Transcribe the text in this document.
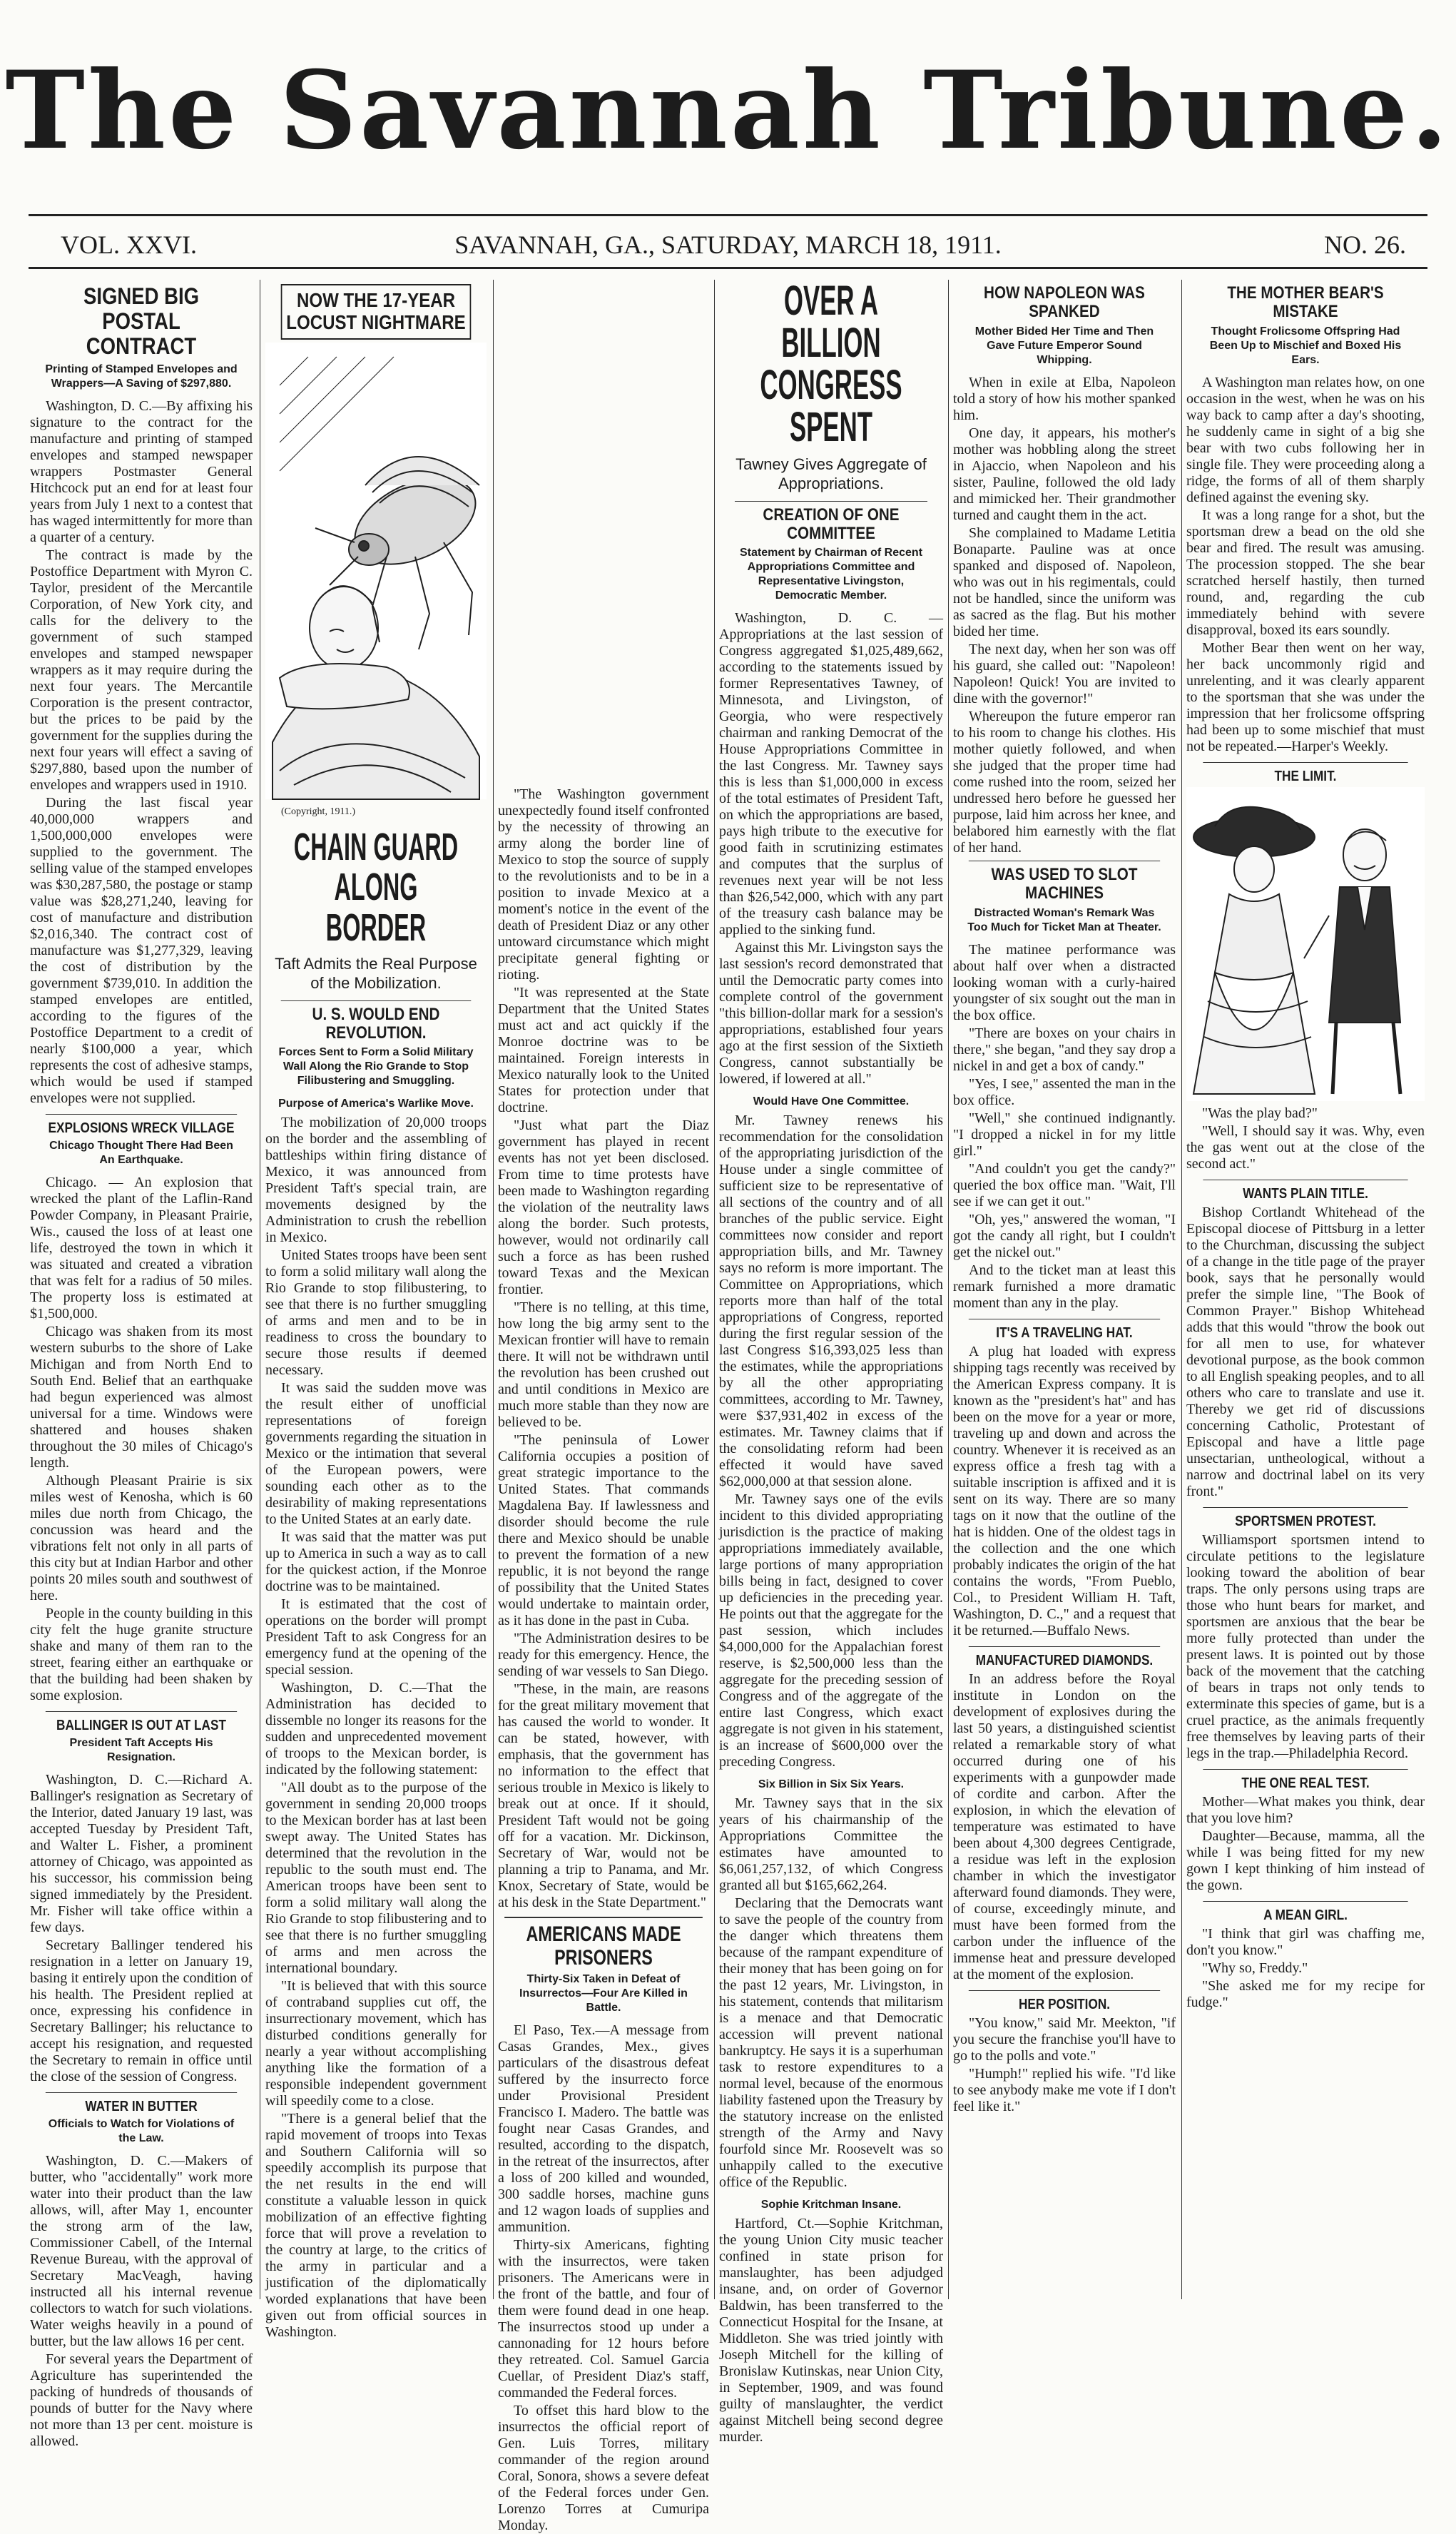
The Savannah Tribune.
SAVANNAH, GA., SATURDAY, MARCH 18, 1911.
VOL. XXVI.	NO. 26.
SIGNED BIG POSTAL CONTRACT
Printing of Stamped Envelopes and Wrappers—A Saving of $297,880.

Washington, D. C.—By affixing his signature to the contract for the manufacture and printing of stamped envelopes and stamped newspaper wrappers Postmaster General Hitchcock put an end for at least four years from July 1 next to a contest that has waged intermittently for more than a quarter of a century.

The contract is made by the Postoffice Department with Myron C. Taylor, president of the Mercantile Corporation, of New York city, and calls for the delivery to the government of such stamped envelopes and stamped newspaper wrappers as it may require during the next four years. The Mercantile Corporation is the present contractor, but the prices to be paid by the government for the supplies during the next four years will effect a saving of $297,880, based upon the number of envelopes and wrappers used in 1910.

During the last fiscal year 40,000,000 wrappers and 1,500,000,000 envelopes were supplied to the government. The selling value of the stamped envelopes was $30,287,580, the postage or stamp value was $28,271,240, leaving for cost of manufacture and distribution $2,016,340. The contract cost of manufacture was $1,277,329, leaving the cost of distribution by the government $739,010. In addition the stamped envelopes are entitled, according to the figures of the Postoffice Department to a credit of nearly $100,000 a year, which represents the cost of adhesive stamps, which would be used if stamped envelopes were not supplied.

EXPLOSIONS WRECK VILLAGE
Chicago Thought There Had Been An Earthquake.

Chicago. — An explosion that wrecked the plant of the Laflin-Rand Powder Company, in Pleasant Prairie, Wis., caused the loss of at least one life, destroyed the town in which it was situated and created a vibration that was felt for a radius of 50 miles. The property loss is estimated at $1,500,000.

Chicago was shaken from its most western suburbs to the shore of Lake Michigan and from North End to South End. Belief that an earthquake had begun experienced was almost universal for a time. Windows were shattered and houses shaken throughout the 30 miles of Chicago's length.

Although Pleasant Prairie is six miles west of Kenosha, which is 60 miles due north from Chicago, the concussion was heard and the vibrations felt not only in all parts of this city but at Indian Harbor and other points 20 miles south and southwest of here.

People in the county building in this city felt the huge granite structure shake and many of them ran to the street, fearing either an earthquake or that the building had been shaken by some explosion.

BALLINGER IS OUT AT LAST
President Taft Accepts His Resignation.

Washington, D. C.—Richard A. Ballinger's resignation as Secretary of the Interior, dated January 19 last, was accepted Tuesday by President Taft, and Walter L. Fisher, a prominent attorney of Chicago, was appointed as his successor, his commission being signed immediately by the President. Mr. Fisher will take office within a few days.

Secretary Ballinger tendered his resignation in a letter on January 19, basing it entirely upon the condition of his health. The President replied at once, expressing his confidence in Secretary Ballinger; his reluctance to accept his resignation, and requested the Secretary to remain in office until the close of the session of Congress.

WATER IN BUTTER
Officials to Watch for Violations of the Law.

Washington, D. C.—Makers of butter, who "accidentally" work more water into their product than the law allows, will, after May 1, encounter the strong arm of the law, Commissioner Cabell, of the Internal Revenue Bureau, with the approval of Secretary MacVeagh, having instructed all his internal revenue collectors to watch for such violations. Water weighs heavily in a pound of butter, but the law allows 16 per cent.

For several years the Department of Agriculture has superintended the packing of hundreds of thousands of pounds of butter for the Navy where not more than 13 per cent. moisture is allowed.

NOW THE 17-YEAR LOCUST NIGHTMARE

(Copyright, 1911.)

CHAIN GUARD ALONG BORDER
Taft Admits the Real Purpose of the Mobilization.
U. S. WOULD END REVOLUTION.
Forces Sent to Form a Solid Military Wall Along the Rio Grande to Stop Filibustering and Smuggling.
Purpose of America's Warlike Move.

The mobilization of 20,000 troops on the border and the assembling of battleships within firing distance of Mexico, it was announced from President Taft's special train, are movements designed by the Administration to crush the rebellion in Mexico.

United States troops have been sent to form a solid military wall along the Rio Grande to stop filibustering, to see that there is no further smuggling of arms and men and to be in readiness to cross the boundary to secure those results if deemed necessary.

It was said the sudden move was the result either of unofficial representations of foreign governments regarding the situation in Mexico or the intimation that several of the European powers, were sounding each other as to the desirability of making representations to the United States at an early date.

It was said that the matter was put up to America in such a way as to call for the quickest action, if the Monroe doctrine was to be maintained.

It is estimated that the cost of operations on the border will prompt President Taft to ask Congress for an emergency fund at the opening of the special session.

Washington, D. C.—That the Administration has decided to dissemble no longer its reasons for the sudden and unprecedented movement of troops to the Mexican border, is indicated by the following statement:

"All doubt as to the purpose of the government in sending 20,000 troops to the Mexican border has at last been swept away. The United States has determined that the revolution in the republic to the south must end. The American troops have been sent to form a solid military wall along the Rio Grande to stop filibustering and to see that there is no further smuggling of arms and men across the international boundary.

"It is believed that with this source of contraband supplies cut off, the insurrectionary movement, which has disturbed conditions generally for nearly a year without accomplishing anything like the formation of a responsible independent government will speedily come to a close.

"There is a general belief that the rapid movement of troops into Texas and Southern California will so speedily accomplish its purpose that the net results in the end will constitute a valuable lesson in quick mobilization of an effective fighting force that will prove a revelation to the country at large, to the critics of the army in particular and a justification of the diplomatically worded explanations that have been given out from official sources in Washington.

"The Washington government unexpectedly found itself confronted by the necessity of throwing an army along the border line of Mexico to stop the source of supply to the revolutionists and to be in a position to invade Mexico at a moment's notice in the event of the death of President Diaz or any other untoward circumstance which might precipitate general fighting or rioting.

"It was represented at the State Department that the United States must act and act quickly if the Monroe doctrine was to be maintained. Foreign interests in Mexico naturally look to the United States for protection under that doctrine.

"Just what part the Diaz government has played in recent events has not yet been disclosed. From time to time protests have been made to Washington regarding the violation of the neutrality laws along the border. Such protests, however, would not ordinarily call such a force as has been rushed toward Texas and the Mexican frontier.

"There is no telling, at this time, how long the big army sent to the Mexican frontier will have to remain there. It will not be withdrawn until the revolution has been crushed out and until conditions in Mexico are much more stable than they now are believed to be.

"The peninsula of Lower California occupies a position of great strategic importance to the United States. That commands Magdalena Bay. If lawlessness and disorder should become the rule there and Mexico should be unable to prevent the formation of a new republic, it is not beyond the range of possibility that the United States would undertake to maintain order, as it has done in the past in Cuba.

"The Administration desires to be ready for this emergency. Hence, the sending of war vessels to San Diego.

"These, in the main, are reasons for the great military movement that has caused the world to wonder. It can be stated, however, with emphasis, that the government has no information to the effect that serious trouble in Mexico is likely to break out at once. If it should, President Taft would not be going off for a vacation. Mr. Dickinson, Secretary of War, would not be planning a trip to Panama, and Mr. Knox, Secretary of State, would be at his desk in the State Department."

AMERICANS MADE PRISONERS
Thirty-Six Taken in Defeat of Insurrectos—Four Are Killed in Battle.

El Paso, Tex.—A message from Casas Grandes, Mex., gives particulars of the disastrous defeat suffered by the insurrecto force under Provisional President Francisco I. Madero. The battle was fought near Casas Grandes, and resulted, according to the dispatch, in the retreat of the insurrectos, after a loss of 200 killed and wounded, 300 saddle horses, machine guns and 12 wagon loads of supplies and ammunition.

Thirty-six Americans, fighting with the insurrectos, were taken prisoners. The Americans were in the front of the battle, and four of them were found dead in one heap. The insurrectos stood up under a cannonading for 12 hours before they retreated. Col. Samuel Garcia Cuellar, of President Diaz's staff, commanded the Federal forces.

To offset this hard blow to the insurrectos the official report of Gen. Luis Torres, military commander of the region around Coral, Sonora, shows a severe defeat of the Federal forces under Gen. Lorenzo Torres at Cumuripa Monday.

OVER A BILLION CONGRESS SPENT
Tawney Gives Aggregate of Appropriations.
CREATION OF ONE COMMITTEE
Statement by Chairman of Recent Appropriations Committee and Representative Livingston, Democratic Member.

Washington, D. C. — Appropriations at the last session of Congress aggregated $1,025,489,662, according to the statements issued by former Representatives Tawney, of Minnesota, and Livingston, of Georgia, who were respectively chairman and ranking Democrat of the House Appropriations Committee in the last Congress. Mr. Tawney says this is less than $1,000,000 in excess of the total estimates of President Taft, on which the appropriations are based, pays high tribute to the executive for good faith in scrutinizing estimates and computes that the surplus of revenues next year will be not less than $26,542,000, which with any part of the treasury cash balance may be applied to the sinking fund.

Against this Mr. Livingston says the last session's record demonstrated that until the Democratic party comes into complete control of the government "this billion-dollar mark for a session's appropriations, established four years ago at the first session of the Sixtieth Congress, cannot substantially be lowered, if lowered at all."

Would Have One Committee.

Mr. Tawney renews his recommendation for the consolidation of the appropriating jurisdiction of the House under a single committee of sufficient size to be representative of all sections of the country and of all branches of the public service. Eight committees now consider and report appropriation bills, and Mr. Tawney says no reform is more important. The Committee on Appropriations, which reports more than half of the total appropriations of Congress, reported during the first regular session of the last Congress $16,393,025 less than the estimates, while the appropriations by all the other appropriating committees, according to Mr. Tawney, were $37,931,402 in excess of the estimates. Mr. Tawney claims that if the consolidating reform had been effected it would have saved $62,000,000 at that session alone.

Mr. Tawney says one of the evils incident to this divided appropriating jurisdiction is the practice of making appropriations immediately available, large portions of many appropriation bills being in fact, designed to cover up deficiencies in the preceding year. He points out that the aggregate for the past session, which includes $4,000,000 for the Appalachian forest reserve, is $2,500,000 less than the aggregate for the preceding session of Congress and of the aggregate of the entire last Congress, which exact aggregate is not given in his statement, is an increase of $600,000 over the preceding Congress.

Six Billion in Six Six Years.

Mr. Tawney says that in the six years of his chairmanship of the Appropriations Committee the estimates have amounted to $6,061,257,132, of which Congress granted all but $165,662,264.

Declaring that the Democrats want to save the people of the country from the danger which threatens them because of the rampant expenditure of their money that has been going on for the past 12 years, Mr. Livingston, in his statement, contends that militarism is a menace and that Democratic accession will prevent national bankruptcy. He says it is a superhuman task to restore expenditures to a normal level, because of the enormous liability fastened upon the Treasury by the statutory increase on the enlisted strength of the Army and Navy fourfold since Mr. Roosevelt was so unhappily called to the executive office of the Republic.

Sophie Kritchman Insane.

Hartford, Ct.—Sophie Kritchman, the young Union City music teacher confined in state prison for manslaughter, has been adjudged insane, and, on order of Governor Baldwin, has been transferred to the Connecticut Hospital for the Insane, at Middleton. She was tried jointly with Joseph Mitchell for the killing of Bronislaw Kutinskas, near Union City, in September, 1909, and was found guilty of manslaughter, the verdict against Mitchell being second degree murder.

HOW NAPOLEON WAS SPANKED
Mother Bided Her Time and Then Gave Future Emperor Sound Whipping.

When in exile at Elba, Napoleon told a story of how his mother spanked him.

One day, it appears, his mother's mother was hobbling along the street in Ajaccio, when Napoleon and his sister, Pauline, followed the old lady and mimicked her. Their grandmother turned and caught them in the act.

She complained to Madame Letitia Bonaparte. Pauline was at once spanked and disposed of. Napoleon, who was out in his regimentals, could not be handled, since the uniform was as sacred as the flag. But his mother bided her time.

The next day, when her son was off his guard, she called out: "Napoleon! Napoleon! Quick! You are invited to dine with the governor!"

Whereupon the future emperor ran to his room to change his clothes. His mother quietly followed, and when she judged that the proper time had come rushed into the room, seized her undressed hero before he guessed her purpose, laid him across her knee, and belabored him earnestly with the flat of her hand.

WAS USED TO SLOT MACHINES
Distracted Woman's Remark Was Too Much for Ticket Man at Theater.

The matinee performance was about half over when a distracted looking woman with a curly-haired youngster of six sought out the man in the box office.

"There are boxes on your chairs in there," she began, "and they say drop a nickel in and get a box of candy."

"Yes, I see," assented the man in the box office.

"Well," she continued indignantly. "I dropped a nickel in for my little girl."

"And couldn't you get the candy?" queried the box office man. "Wait, I'll see if we can get it out."

"Oh, yes," answered the woman, "I got the candy all right, but I couldn't get the nickel out."

And to the ticket man at least this remark furnished a more dramatic moment than any in the play.

IT'S A TRAVELING HAT.

A plug hat loaded with express shipping tags recently was received by the American Express company. It is known as the "president's hat" and has been on the move for a year or more, traveling up and down and across the country. Whenever it is received as an express office a fresh tag with a suitable inscription is affixed and it is sent on its way. There are so many tags on it now that the outline of the hat is hidden. One of the oldest tags in the collection and the one which probably indicates the origin of the hat contains the words, "From Pueblo, Col., to President William H. Taft, Washington, D. C.," and a request that it be returned.—Buffalo News.

MANUFACTURED DIAMONDS.

In an address before the Royal institute in London on the development of explosives during the last 50 years, a distinguished scientist related a remarkable story of what occurred during one of his experiments with a gunpowder made of cordite and carbon. After the explosion, in which the elevation of temperature was estimated to have been about 4,300 degrees Centigrade, a residue was left in the explosion chamber in which the investigator afterward found diamonds. They were, of course, exceedingly minute, and must have been formed from the carbon under the influence of the immense heat and pressure developed at the moment of the explosion.

HER POSITION.

"You know," said Mr. Meekton, "if you secure the franchise you'll have to go to the polls and vote."

"Humph!" replied his wife. "I'd like to see anybody make me vote if I don't feel like it."

THE MOTHER BEAR'S MISTAKE
Thought Frolicsome Offspring Had Been Up to Mischief and Boxed His Ears.

A Washington man relates how, on one occasion in the west, when he was on his way back to camp after a day's shooting, he suddenly came in sight of a big she bear with two cubs following her in single file. They were proceeding along a ridge, the forms of all of them sharply defined against the evening sky.

It was a long range for a shot, but the sportsman drew a bead on the old she bear and fired. The result was amusing. The procession stopped. The she bear scratched herself hastily, then turned round, and, regarding the cub immediately behind with severe disapproval, boxed its ears soundly.

Mother Bear then went on her way, her back uncommonly rigid and unrelenting, and it was clearly apparent to the sportsman that she was under the impression that her frolicsome offspring had been up to some mischief that must not be repeated.—Harper's Weekly.

THE LIMIT.

"Was the play bad?"

"Well, I should say it was. Why, even the gas went out at the close of the second act."

WANTS PLAIN TITLE.

Bishop Cortlandt Whitehead of the Episcopal diocese of Pittsburg in a letter to the Churchman, discussing the subject of a change in the title page of the prayer book, says that he personally would prefer the simple line, "The Book of Common Prayer." Bishop Whitehead adds that this would "throw the book out for all men to use, for whatever devotional purpose, as the book common to all English speaking peoples, and to all others who care to translate and use it. Thereby we get rid of discussions concerning Catholic, Protestant of Episcopal and have a little page unsectarian, untheological, without a narrow and doctrinal label on its very front."

SPORTSMEN PROTEST.

Williamsport sportsmen intend to circulate petitions to the legislature looking toward the abolition of bear traps. The only persons using traps are those who hunt bears for market, and sportsmen are anxious that the bear be more fully protected than under the present laws. It is pointed out by those back of the movement that the catching of bears in traps not only tends to exterminate this species of game, but is a cruel practice, as the animals frequently free themselves by leaving parts of their legs in the trap.—Philadelphia Record.

THE ONE REAL TEST.

Mother—What makes you think, dear that you love him?

Daughter—Because, mamma, all the while I was being fitted for my new gown I kept thinking of him instead of the gown.

A MEAN GIRL.

"I think that girl was chaffing me, don't you know."

"Why so, Freddy."

"She asked me for my recipe for fudge."
